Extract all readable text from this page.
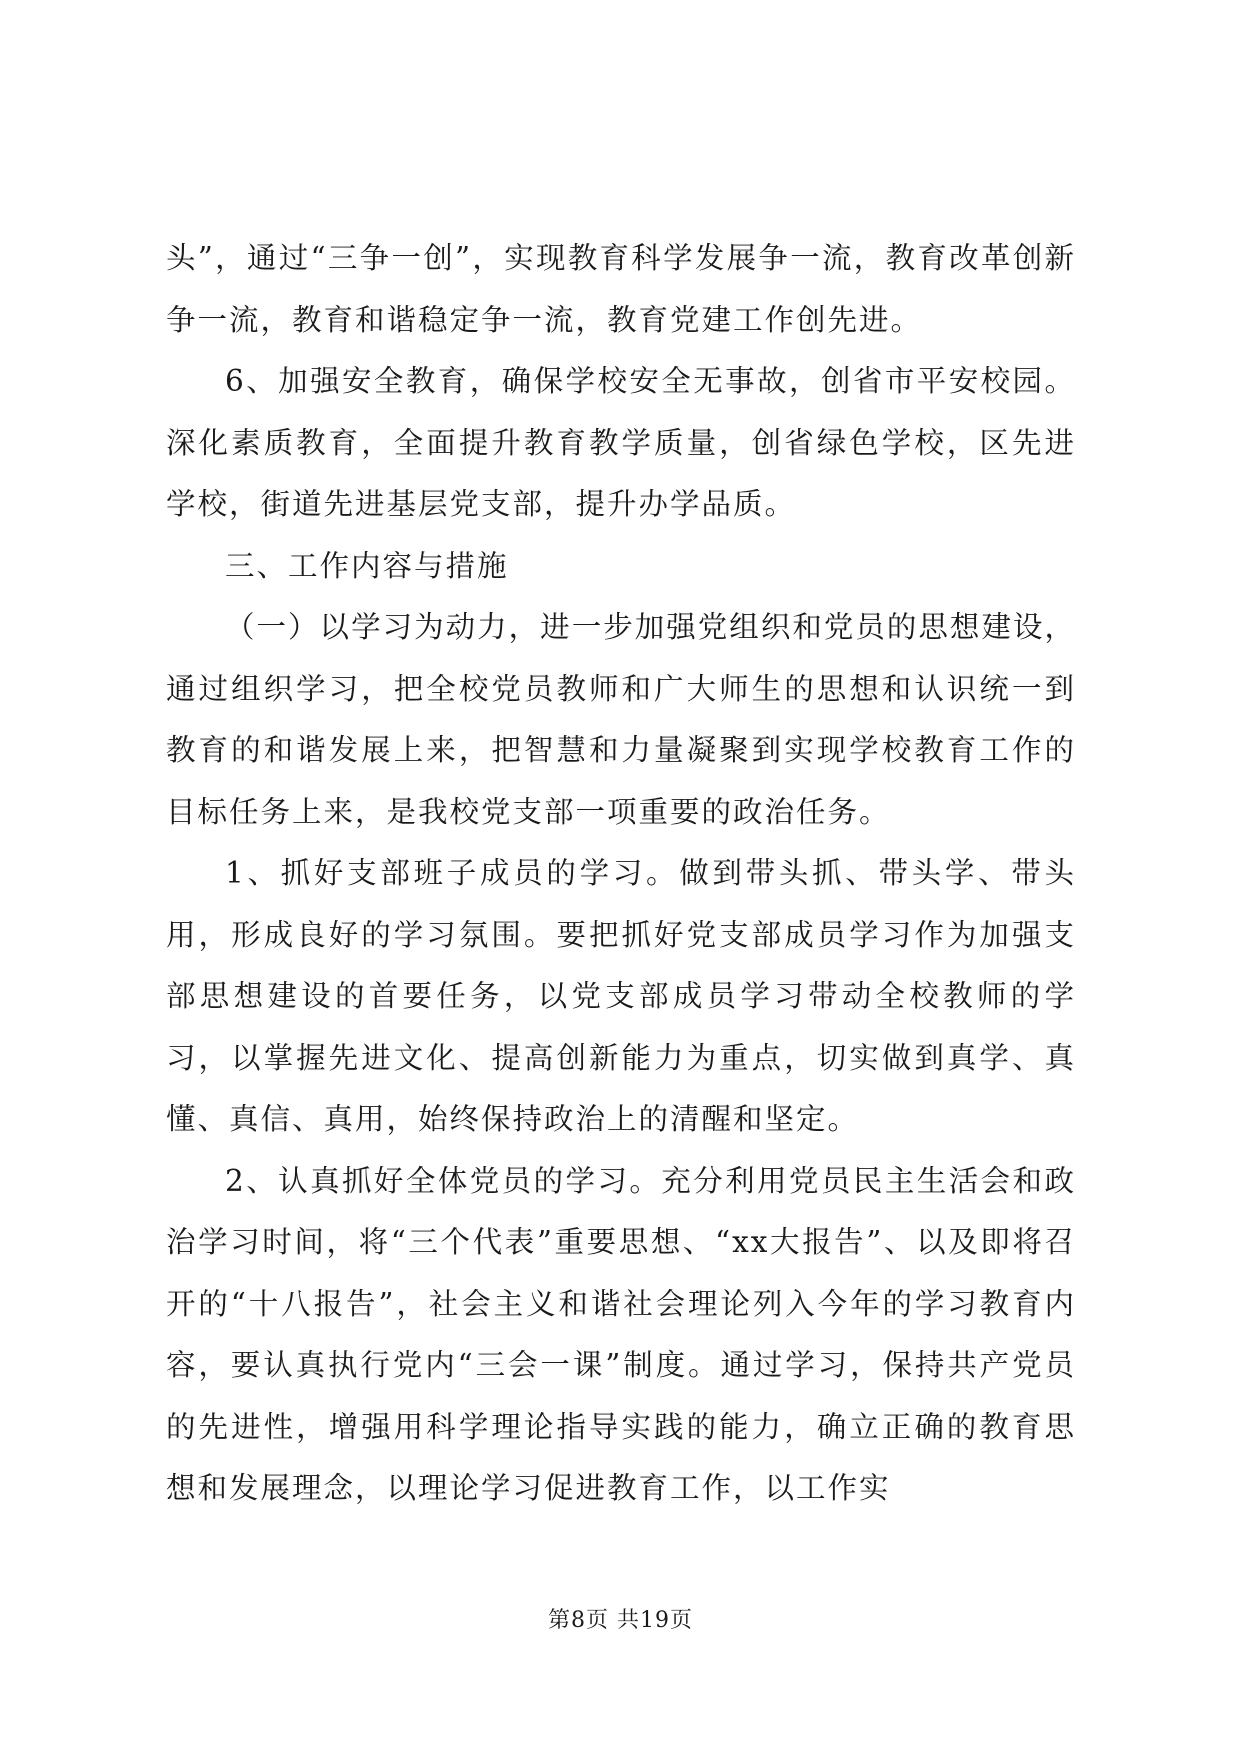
头”，通过“三争一创”，实现教育科学发展争一流，教育改革创新争一流，教育和谐稳定争一流，教育党建工作创先进。

6、加强安全教育，确保学校安全无事故，创省市平安校园。深化素质教育，全面提升教育教学质量，创省绿色学校，区先进学校，街道先进基层党支部，提升办学品质。

三、工作内容与措施

（一）以学习为动力，进一步加强党组织和党员的思想建设，通过组织学习，把全校党员教师和广大师生的思想和认识统一到教育的和谐发展上来，把智慧和力量凝聚到实现学校教育工作的目标任务上来，是我校党支部一项重要的政治任务。

1、抓好支部班子成员的学习。做到带头抓、带头学、带头用，形成良好的学习氛围。要把抓好党支部成员学习作为加强支部思想建设的首要任务，以党支部成员学习带动全校教师的学习，以掌握先进文化、提高创新能力为重点，切实做到真学、真懂、真信、真用，始终保持政治上的清醒和坚定。

2、认真抓好全体党员的学习。充分利用党员民主生活会和政治学习时间，将“三个代表”重要思想、“xx大报告”、以及即将召开的“十八报告”，社会主义和谐社会理论列入今年的学习教育内容，要认真执行党内“三会一课”制度。通过学习，保持共产党员的先进性，增强用科学理论指导实践的能力，确立正确的教育思想和发展理念，以理论学习促进教育工作，以工作实

第8页 共19页
